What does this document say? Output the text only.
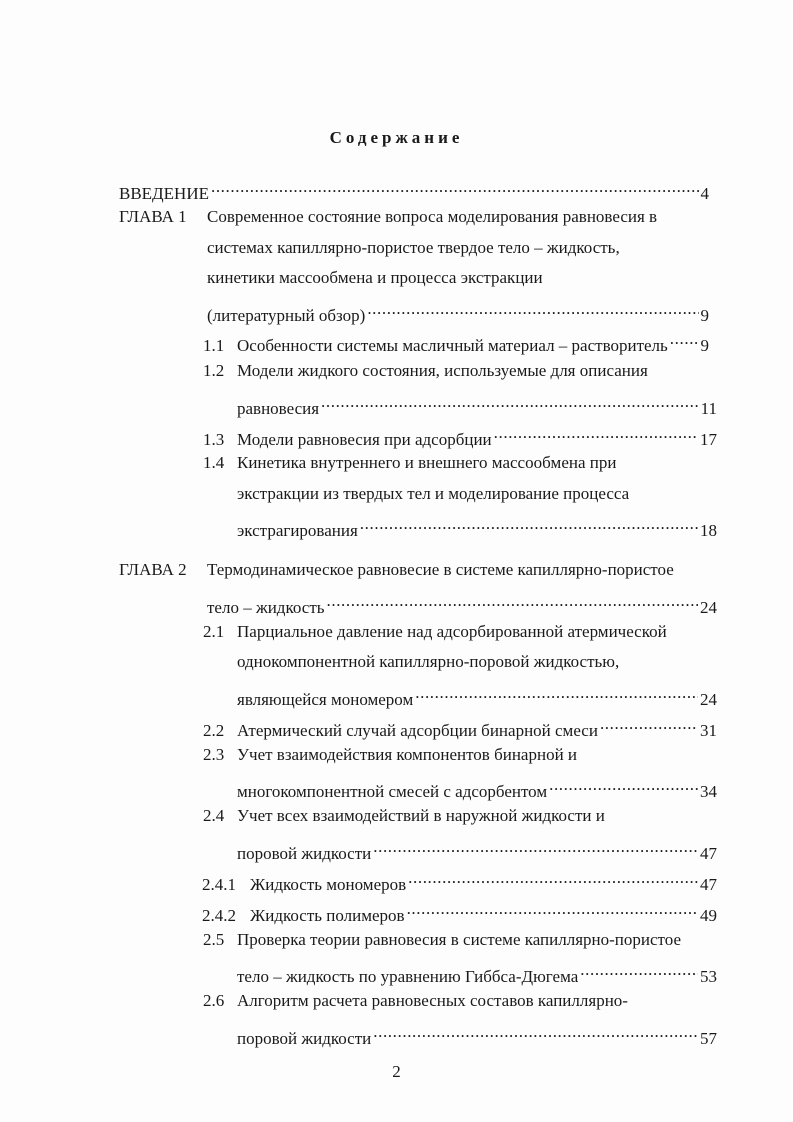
Содержание
ВВЕДЕНИЕ .....	4
ГЛАВА 1 Современное состояние вопроса моделирования равновесия в
системах капиллярно-пористое твердое тело – жидкость,
кинетики массообмена и процесса экстракции
(литературный обзор) .....	9
1.1 Особенности системы масличный материал – растворитель ..... 9
1.2 Модели жидкого состояния, используемые для описания
равновесия .....	11
1.3 Модели равновесия при адсорбции .....	17
1.4 Кинетика внутреннего и внешнего массообмена при
экстракции из твердых тел и моделирование процесса
экстрагирования .....	18
ГЛАВА 2 Термодинамическое равновесие в системе капиллярно-пористое
тело – жидкость .....	24
2.1 Парциальное давление над адсорбированной атермической
однокомпонентной капиллярно-поровой жидкостью,
являющейся мономером .....	24
2.2 Атермический случай адсорбции бинарной смеси .....	31
2.3 Учет взаимодействия компонентов бинарной и
многокомпонентной смесей с адсорбентом .....	34
2.4 Учет всех взаимодействий в наружной жидкости и
поровой жидкости .....	47
2.4.1 Жидкость мономеров .....	47
2.4.2 Жидкость полимеров .....	49
2.5 Проверка теории равновесия в системе капиллярно-пористое
тело – жидкость по уравнению Гиббса-Дюгема .....	53
2.6 Алгоритм расчета равновесных составов капиллярно-
поровой жидкости .....	57
2
